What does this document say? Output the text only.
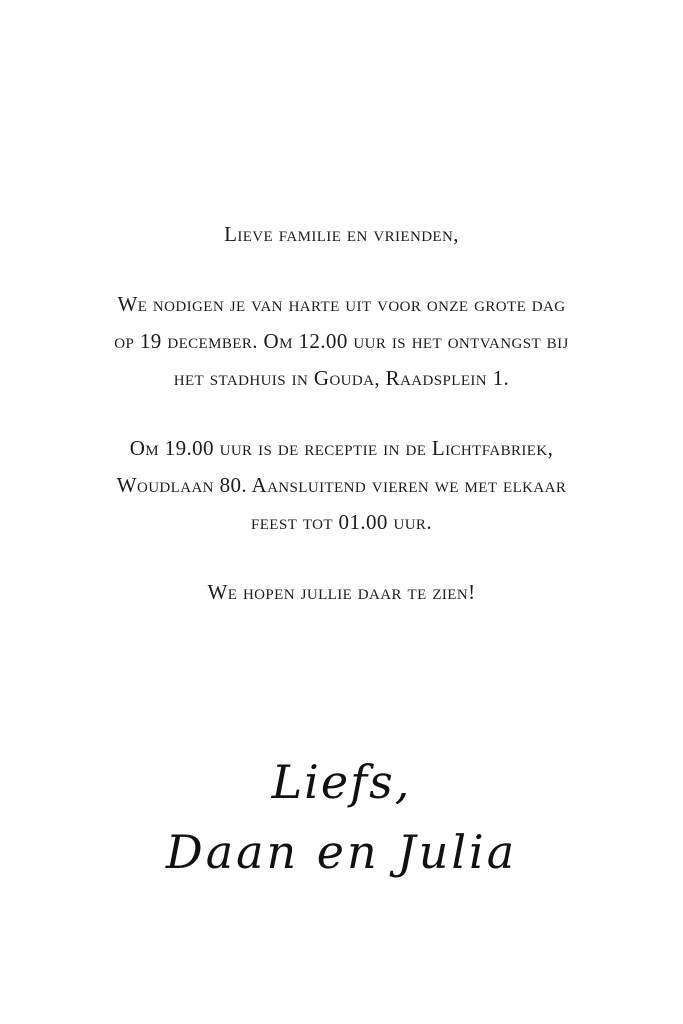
Lieve familie en vrienden,
We nodigen je van harte uit voor onze grote dag
op 19 december. Om 12.00 uur is het ontvangst bij
het stadhuis in Gouda, Raadsplein 1.
Om 19.00 uur is de receptie in de Lichtfabriek,
Woudlaan 80. Aansluitend vieren we met elkaar
feest tot 01.00 uur.
We hopen jullie daar te zien!
Liefs,
Daan en Julia
